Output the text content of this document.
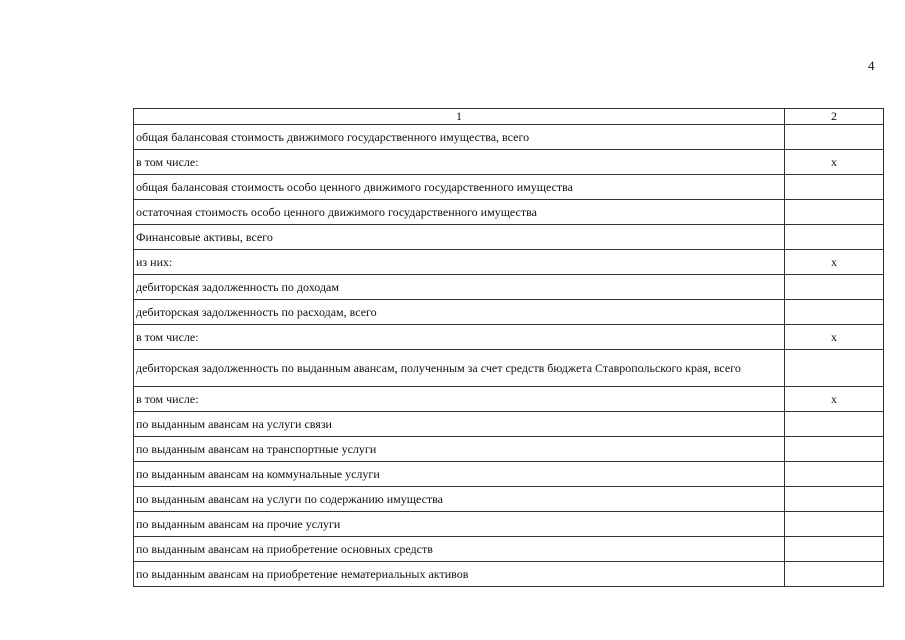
4
1	2
общая балансовая стоимость движимого государственного имущества, всего	
в том числе:	x
общая балансовая стоимость особо ценного движимого государственного имущества	
остаточная стоимость особо ценного движимого государственного имущества	
Финансовые активы, всего	
из них:	x
дебиторская задолженность по доходам	
дебиторская задолженность по расходам, всего	
в том числе:	x
дебиторская задолженность по выданным авансам, полученным за счет средств бюджета Ставропольского края, всего	
в том числе:	x
по выданным авансам на услуги связи	
по выданным авансам на транспортные услуги	
по выданным авансам на коммунальные услуги	
по выданным авансам на услуги по содержанию имущества	
по выданным авансам на прочие услуги	
по выданным авансам на приобретение основных средств	
по выданным авансам на приобретение нематериальных активов	
